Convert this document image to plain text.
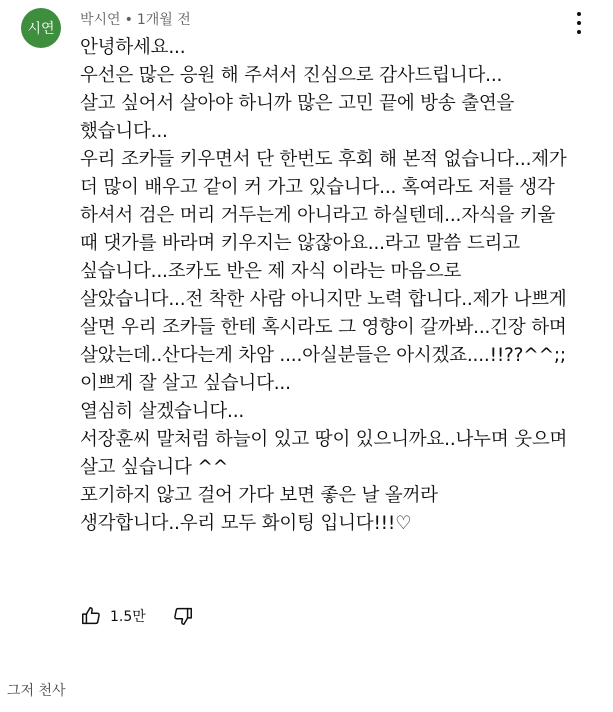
시연
박시연 • 1개월 전
안녕하세요...
우선은 많은 응원 해 주셔서 진심으로 감사드립니다...
살고 싶어서 살아야 하니까 많은 고민 끝에 방송 출연을
했습니다...
우리 조카들 키우면서 단 한번도 후회 해 본적 없습니다...제가
더 많이 배우고 같이 커 가고 있습니다... 혹여라도 저를 생각
하셔서 검은 머리 거두는게 아니라고 하실텐데...자식을 키울
때 댓가를 바라며 키우지는 않잖아요...라고 말씀 드리고
싶습니다...조카도 반은 제 자식 이라는 마음으로
살았습니다...전 착한 사람 아니지만 노력 합니다..제가 나쁘게
살면 우리 조카들 한테 혹시라도 그 영향이 갈까봐...긴장 하며
살았는데..산다는게 차암 ....아실분들은 아시겠죠....!!??^^;;
이쁘게 잘 살고 싶습니다...
열심히 살겠습니다...
서장훈씨 말처럼 하늘이 있고 땅이 있으니까요..나누며 웃으며
살고 싶습니다 ^^
포기하지 않고 걸어 가다 보면 좋은 날 올꺼라
생각합니다..우리 모두 화이팅 입니다!!!♡
1.5만
그저 천사
